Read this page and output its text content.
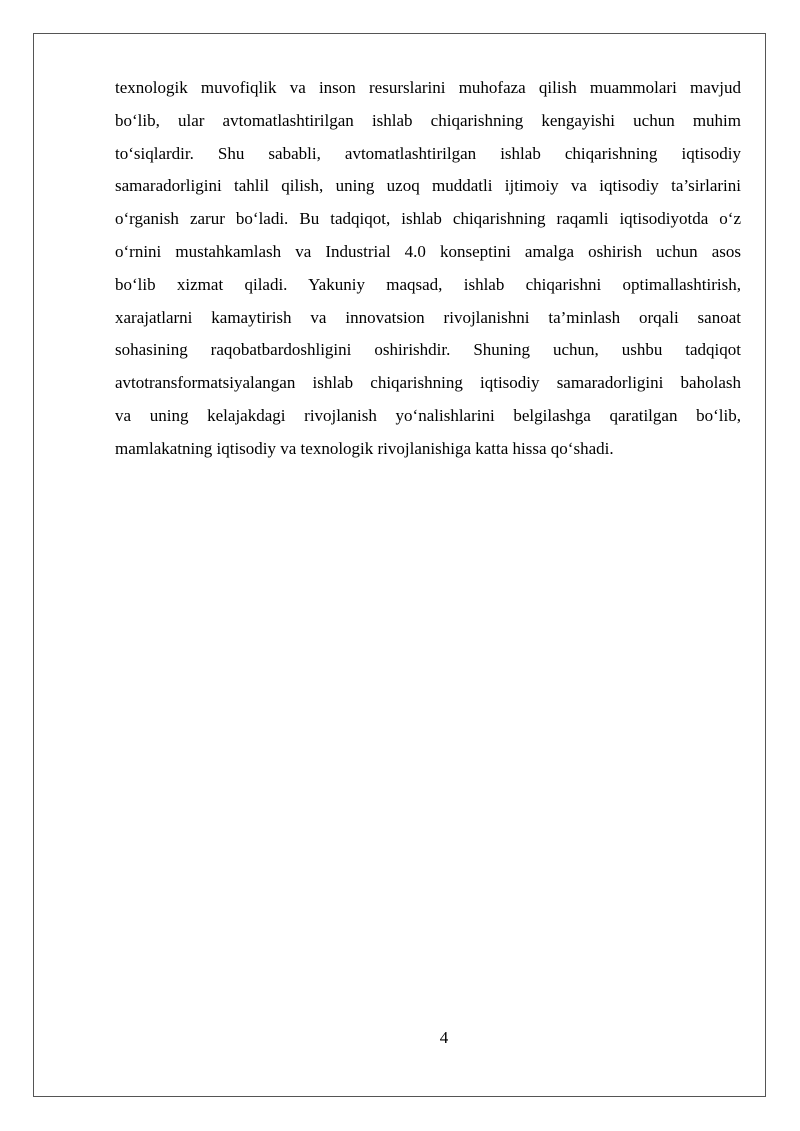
texnologik muvofiqlik va inson resurslarini muhofaza qilish muammolari mavjud
bo‘lib, ular avtomatlashtirilgan ishlab chiqarishning kengayishi uchun muhim
to‘siqlardir. Shu sababli, avtomatlashtirilgan ishlab chiqarishning iqtisodiy
samaradorligini tahlil qilish, uning uzoq muddatli ijtimoiy va iqtisodiy ta’sirlarini
o‘rganish zarur bo‘ladi. Bu tadqiqot, ishlab chiqarishning raqamli iqtisodiyotda o‘z
o‘rnini mustahkamlash va Industrial 4.0 konseptini amalga oshirish uchun asos
bo‘lib xizmat qiladi. Yakuniy maqsad, ishlab chiqarishni optimallashtirish,
xarajatlarni kamaytirish va innovatsion rivojlanishni ta’minlash orqali sanoat
sohasining raqobatbardoshligini oshirishdir. Shuning uchun, ushbu tadqiqot
avtotransformatsiyalangan ishlab chiqarishning iqtisodiy samaradorligini baholash
va uning kelajakdagi rivojlanish yo‘nalishlarini belgilashga qaratilgan bo‘lib,
mamlakatning iqtisodiy va texnologik rivojlanishiga katta hissa qo‘shadi.
4
